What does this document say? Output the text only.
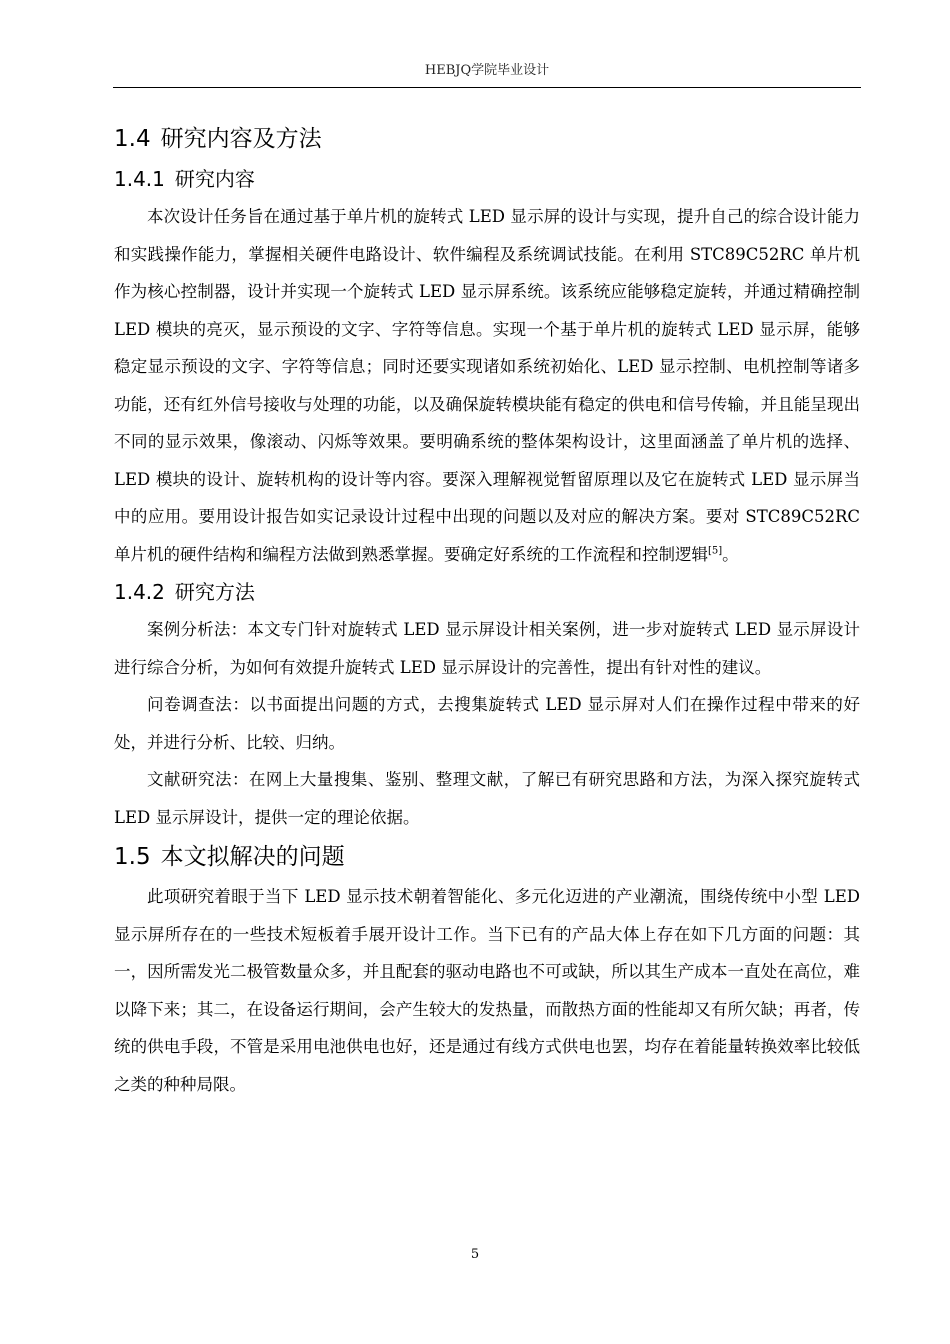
HEBJQ学院毕业设计
1.4 研究内容及方法
1.4.1 研究内容

本次设计任务旨在通过基于单片机的旋转式 LED 显示屏的设计与实现，提升自己的综合设计能力和实践操作能力，掌握相关硬件电路设计、软件编程及系统调试技能。在利用 STC89C52RC 单片机作为核心控制器，设计并实现一个旋转式 LED 显示屏系统。该系统应能够稳定旋转，并通过精确控制 LED 模块的亮灭，显示预设的文字、字符等信息。实现一个基于单片机的旋转式 LED 显示屏，能够稳定显示预设的文字、字符等信息；同时还要实现诸如系统初始化、LED 显示控制、电机控制等诸多功能，还有红外信号接收与处理的功能，以及确保旋转模块能有稳定的供电和信号传输，并且能呈现出不同的显示效果，像滚动、闪烁等效果。要明确系统的整体架构设计，这里面涵盖了单片机的选择、LED 模块的设计、旋转机构的设计等内容。要深入理解视觉暂留原理以及它在旋转式 LED 显示屏当中的应用。要用设计报告如实记录设计过程中出现的问题以及对应的解决方案。要对 STC89C52RC 单片机的硬件结构和编程方法做到熟悉掌握。要确定好系统的工作流程和控制逻辑[5]。

1.4.2 研究方法

案例分析法：本文专门针对旋转式 LED 显示屏设计相关案例，进一步对旋转式 LED 显示屏设计进行综合分析，为如何有效提升旋转式 LED 显示屏设计的完善性，提出有针对性的建议。

问卷调查法：以书面提出问题的方式，去搜集旋转式 LED 显示屏对人们在操作过程中带来的好处，并进行分析、比较、归纳。

文献研究法：在网上大量搜集、鉴别、整理文献，了解已有研究思路和方法，为深入探究旋转式 LED 显示屏设计，提供一定的理论依据。

1.5 本文拟解决的问题

此项研究着眼于当下 LED 显示技术朝着智能化、多元化迈进的产业潮流，围绕传统中小型 LED 显示屏所存在的一些技术短板着手展开设计工作。当下已有的产品大体上存在如下几方面的问题：其一，因所需发光二极管数量众多，并且配套的驱动电路也不可或缺，所以其生产成本一直处在高位，难以降下来；其二，在设备运行期间，会产生较大的发热量，而散热方面的性能却又有所欠缺；再者，传统的供电手段，不管是采用电池供电也好，还是通过有线方式供电也罢，均存在着能量转换效率比较低之类的种种局限。

5
